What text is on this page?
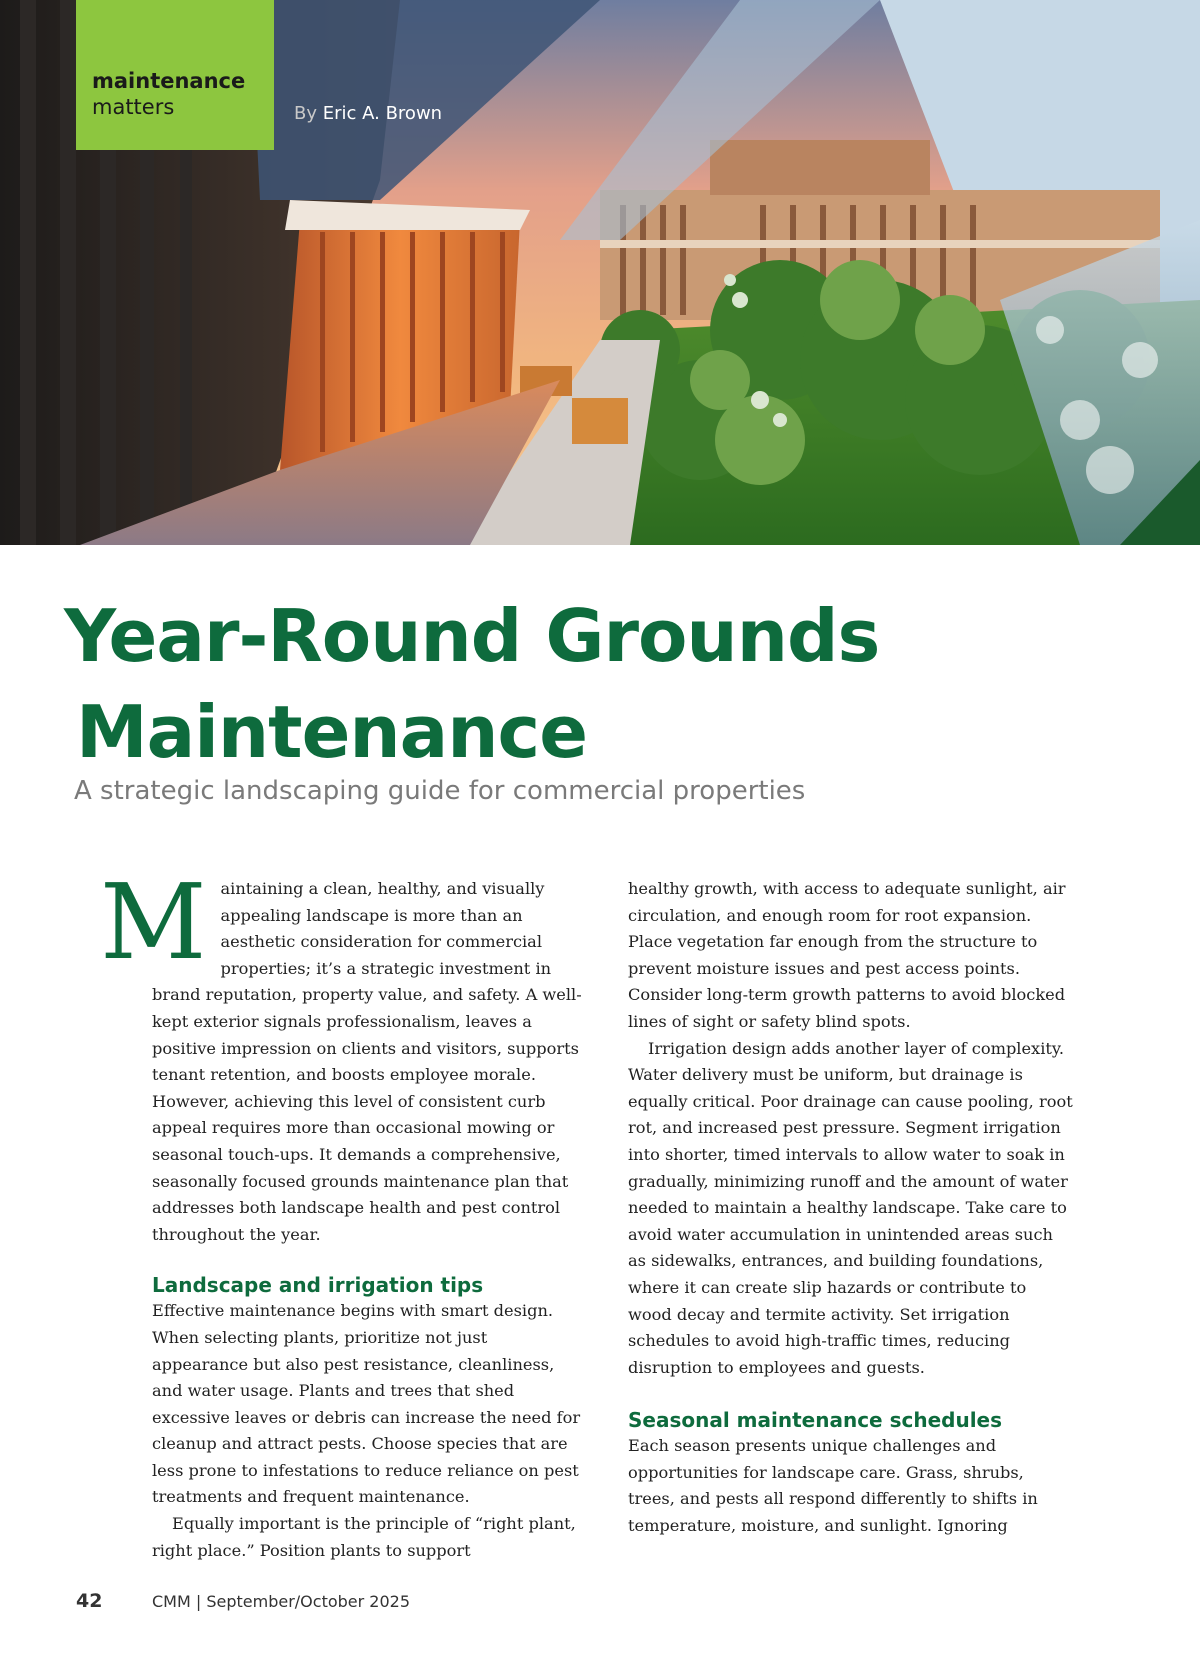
maintenance
matters	By Eric A. Brown
Year-Round Grounds
Maintenance

A strategic landscaping guide for commercial properties

Maintaining a clean, healthy, and visually appealing landscape is more than an aesthetic consideration for commercial properties; it’s a strategic investment in brand reputation, property value, and safety. A well-kept exterior signals professionalism, leaves a positive impression on clients and visitors, supports tenant retention, and boosts employee morale. However, achieving this level of consistent curb appeal requires more than occasional mowing or seasonal touch-ups. It demands a comprehensive, seasonally focused grounds maintenance plan that addresses both landscape health and pest control throughout the year.

Landscape and irrigation tips

Effective maintenance begins with smart design. When selecting plants, prioritize not just appearance but also pest resistance, cleanliness, and water usage. Plants and trees that shed excessive leaves or debris can increase the need for cleanup and attract pests. Choose species that are less prone to infestations to reduce reliance on pest treatments and frequent maintenance.

Equally important is the principle of “right plant, right place.” Position plants to support

healthy growth, with access to adequate sunlight, air circulation, and enough room for root expansion. Place vegetation far enough from the structure to prevent moisture issues and pest access points. Consider long-term growth patterns to avoid blocked lines of sight or safety blind spots.

Irrigation design adds another layer of complexity. Water delivery must be uniform, but drainage is equally critical. Poor drainage can cause pooling, root rot, and increased pest pressure. Segment irrigation into shorter, timed intervals to allow water to soak in gradually, minimizing runoff and the amount of water needed to maintain a healthy landscape. Take care to avoid water accumulation in unintended areas such as sidewalks, entrances, and building foundations, where it can create slip hazards or contribute to wood decay and termite activity. Set irrigation schedules to avoid high-traffic times, reducing disruption to employees and guests.

Seasonal maintenance schedules

Each season presents unique challenges and opportunities for landscape care. Grass, shrubs, trees, and pests all respond differently to shifts in temperature, moisture, and sunlight. Ignoring

42	CMM | September/October 2025
